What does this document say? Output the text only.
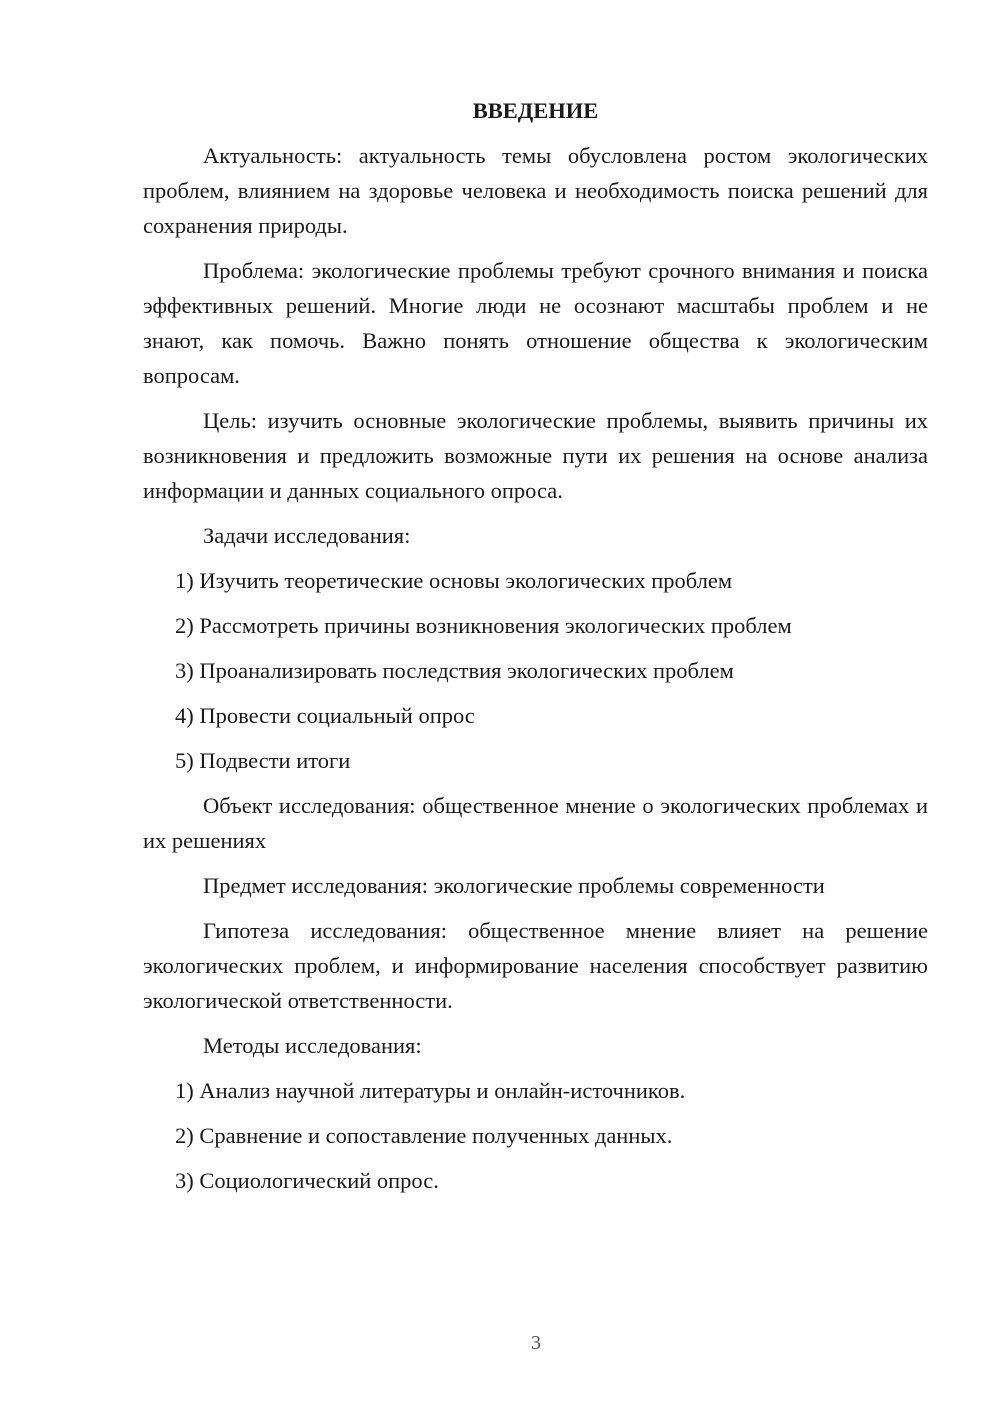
ВВЕДЕНИЕ

Актуальность: актуальность темы обусловлена ростом экологических проблем, влиянием на здоровье человека и необходимость поиска решений для сохранения природы.

Проблема: экологические проблемы требуют срочного внимания и поиска эффективных решений. Многие люди не осознают масштабы проблем и не знают, как помочь. Важно понять отношение общества к экологическим вопросам.

Цель: изучить основные экологические проблемы, выявить причины их возникновения и предложить возможные пути их решения на основе анализа информации и данных социального опроса.

Задачи исследования:

1) Изучить теоретические основы экологических проблем
2) Рассмотреть причины возникновения экологических проблем
3) Проанализировать последствия экологических проблем
4) Провести социальный опрос
5) Подвести итоги

Объект исследования: общественное мнение о экологических проблемах и их решениях

Предмет исследования: экологические проблемы современности

Гипотеза исследования: общественное мнение влияет на решение экологических проблем, и информирование населения способствует развитию экологической ответственности.

Методы исследования:

1) Анализ научной литературы и онлайн-источников.
2) Сравнение и сопоставление полученных данных.
3) Социологический опрос.
3
